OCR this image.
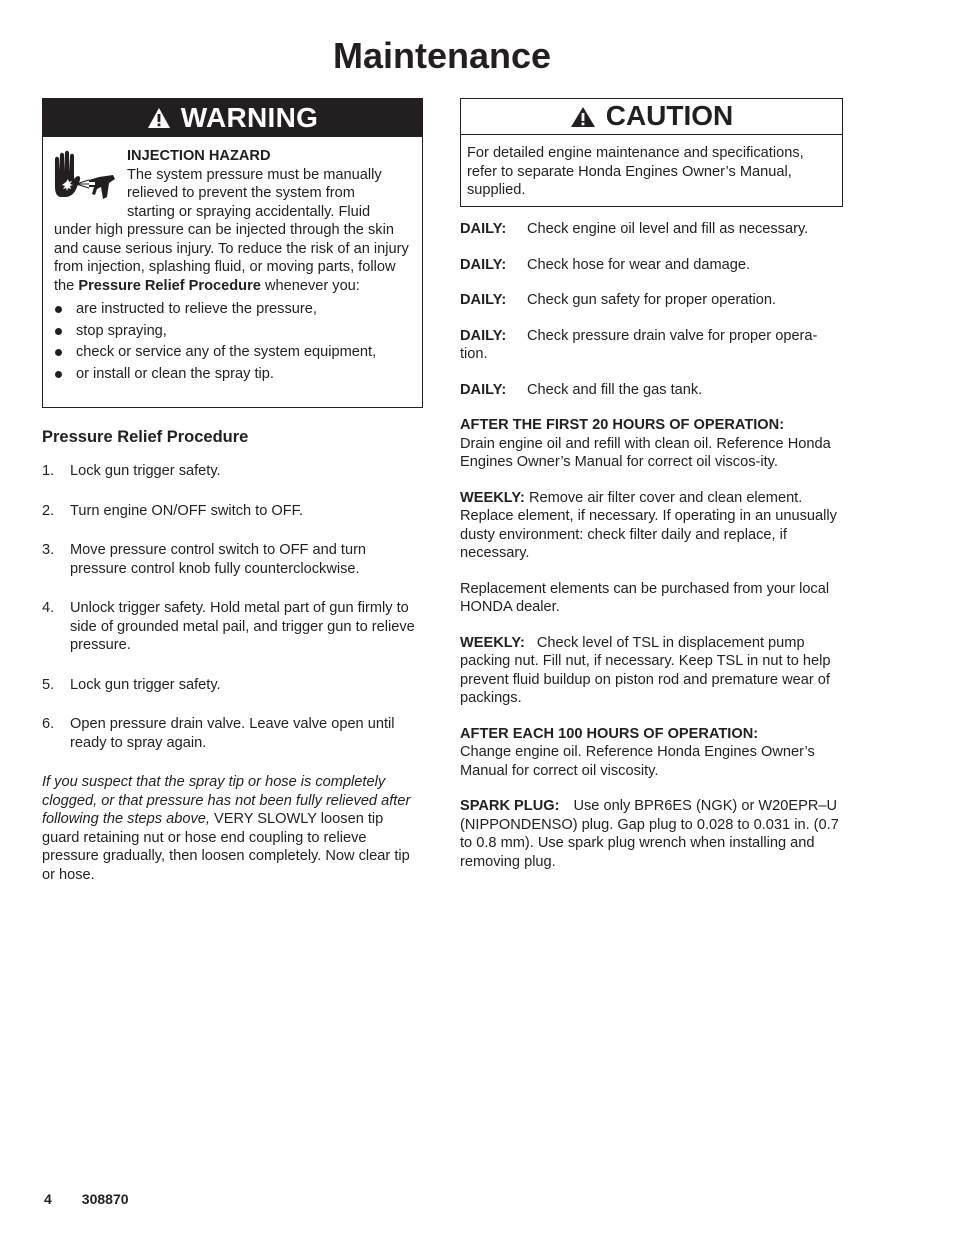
Maintenance
WARNING
INJECTION HAZARD
The system pressure must be manually
relieved to prevent the system from
starting or spraying accidentally. Fluid
under high pressure can be injected through the skin and cause serious injury. To reduce the risk of an injury from injection, splashing fluid, or moving parts, follow the Pressure Relief Procedure whenever you:
are instructed to relieve the pressure,
stop spraying,
check or service any of the system equipment,
or install or clean the spray tip.
CAUTION
For detailed engine maintenance and specifications, refer to separate Honda Engines Owner’s Manual, supplied.
Pressure Relief Procedure
1. Lock gun trigger safety.
2. Turn engine ON/OFF switch to OFF.
3. Move pressure control switch to OFF and turn pressure control knob fully counterclockwise.
4. Unlock trigger safety. Hold metal part of gun firmly to side of grounded metal pail, and trigger gun to relieve pressure.
5. Lock gun trigger safety.
6. Open pressure drain valve. Leave valve open until ready to spray again.
If you suspect that the spray tip or hose is completely clogged, or that pressure has not been fully relieved after following the steps above, VERY SLOWLY loosen tip guard retaining nut or hose end coupling to relieve pressure gradually, then loosen completely. Now clear tip or hose.

DAILY: Check engine oil level and fill as necessary.

DAILY: Check hose for wear and damage.

DAILY: Check gun safety for proper operation.

DAILY: Check pressure drain valve for proper opera-tion.

DAILY: Check and fill the gas tank.

AFTER THE FIRST 20 HOURS OF OPERATION:
Drain engine oil and refill with clean oil. Reference Honda Engines Owner’s Manual for correct oil viscos-ity.

WEEKLY: Remove air filter cover and clean element. Replace element, if necessary. If operating in an unusually dusty environment: check filter daily and replace, if necessary.

Replacement elements can be purchased from your local HONDA dealer.

WEEKLY: Check level of TSL in displacement pump packing nut. Fill nut, if necessary. Keep TSL in nut to help prevent fluid buildup on piston rod and premature wear of packings.

AFTER EACH 100 HOURS OF OPERATION:
Change engine oil. Reference Honda Engines Owner’s Manual for correct oil viscosity.

SPARK PLUG: Use only BPR6ES (NGK) or W20EPR–U (NIPPONDENSO) plug. Gap plug to 0.028 to 0.031 in. (0.7 to 0.8 mm). Use spark plug wrench when installing and removing plug.

4 308870
